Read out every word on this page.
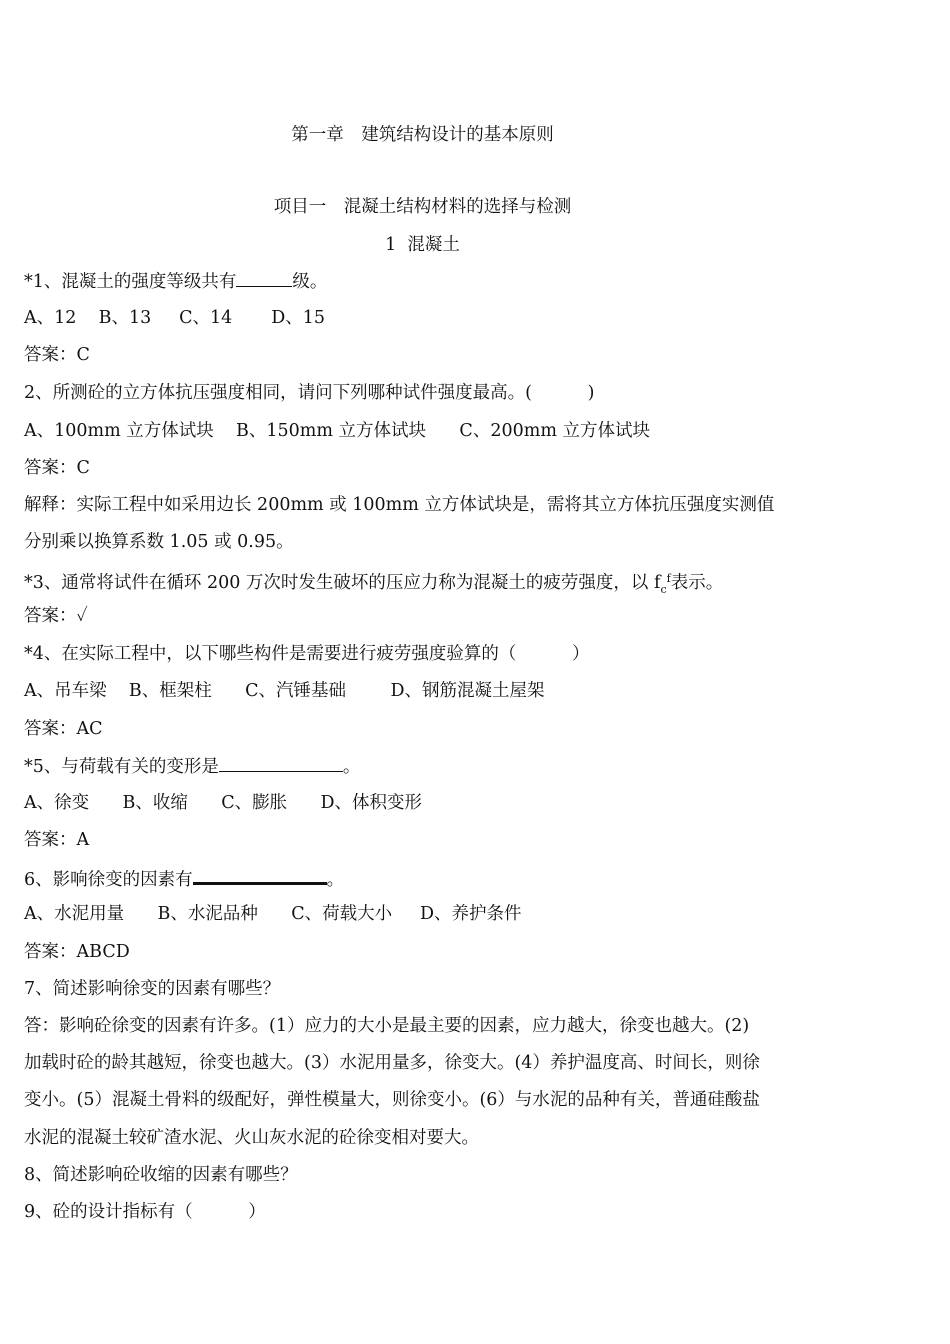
第一章　建筑结构设计的基本原则
项目一　混凝土结构材料的选择与检测
1  混凝土
*1、混凝土的强度等级共有	级。
A、12    B、13     C、14       D、15
答案：C
2、所测砼的立方体抗压强度相同，请问下列哪种试件强度最高。(          )
A、100mm 立方体试块    B、150mm 立方体试块      C、200mm 立方体试块
答案：C
解释：实际工程中如采用边长 200mm 或 100mm 立方体试块是，需将其立方体抗压强度实测值
分别乘以换算系数 1.05 或 0.95。
*3、通常将试件在循环 200 万次时发生破坏的压应力称为混凝土的疲劳强度，以 $f_c^f$表示。
答案：✓
*4、在实际工程中，以下哪些构件是需要进行疲劳强度验算的（          ）
A、吊车梁    B、框架柱      C、汽锤基础        D、钢筋混凝土屋架
答案：AC
*5、与荷载有关的变形是	。
A、徐变      B、收缩      C、膨胀      D、体积变形
答案：A
6、影响徐变的因素有	。
A、水泥用量      B、水泥品种      C、荷载大小     D、养护条件
答案：ABCD
7、简述影响徐变的因素有哪些？
答：影响砼徐变的因素有许多。(1）应力的大小是最主要的因素，应力越大，徐变也越大。(2)
加载时砼的龄其越短，徐变也越大。(3）水泥用量多，徐变大。(4）养护温度高、时间长，则徐
变小。(5）混凝土骨料的级配好，弹性模量大，则徐变小。(6）与水泥的品种有关，普通硅酸盐
水泥的混凝土较矿渣水泥、火山灰水泥的砼徐变相对要大。
8、简述影响砼收缩的因素有哪些？
9、砼的设计指标有（          ）
